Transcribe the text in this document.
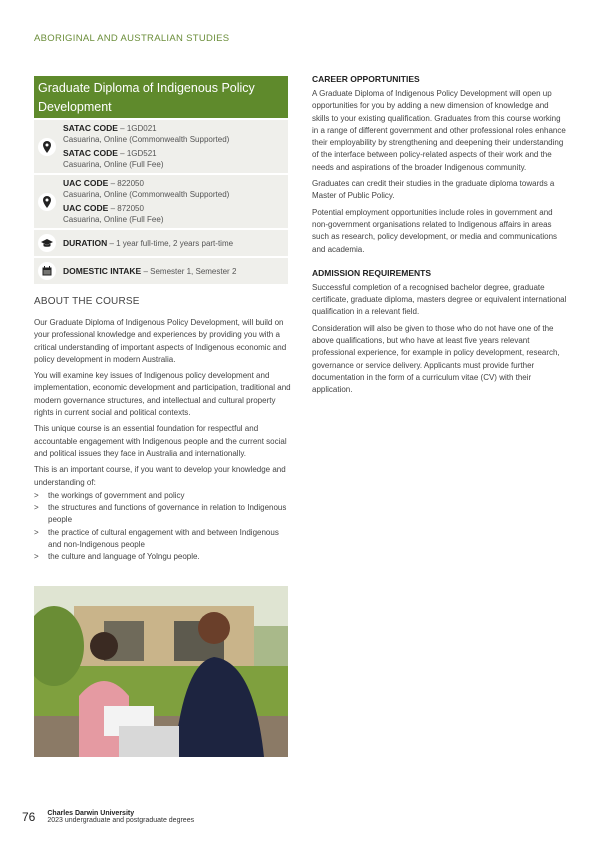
ABORIGINAL AND AUSTRALIAN STUDIES
Graduate Diploma of Indigenous Policy Development
SATAC CODE – 1GD021
Casuarina, Online (Commonwealth Supported)
SATAC CODE – 1GD521
Casuarina, Online (Full Fee)
UAC CODE – 822050
Casuarina, Online (Commonwealth Supported)
UAC CODE – 872050
Casuarina, Online (Full Fee)
DURATION – 1 year full-time, 2 years part-time
DOMESTIC INTAKE – Semester 1, Semester 2
ABOUT THE COURSE

Our Graduate Diploma of Indigenous Policy Development, will build on your professional knowledge and experiences by providing you with a critical understanding of important aspects of Indigenous economic and policy development in modern Australia.

You will examine key issues of Indigenous policy development and implementation, economic development and participation, traditional and modern governance structures, and intellectual and cultural property rights in current social and political contexts.

This unique course is an essential foundation for respectful and accountable engagement with Indigenous people and the current social and political issues they face in Australia and internationally.

This is an important course, if you want to develop your knowledge and understanding of:

> the workings of government and policy
> the structures and functions of governance in relation to Indigenous people
> the practice of cultural engagement with and between Indigenous and non-Indigenous people
> the culture and language of Yolngu people.
CAREER OPPORTUNITIES

A Graduate Diploma of Indigenous Policy Development will open up opportunities for you by adding a new dimension of knowledge and skills to your existing qualification. Graduates from this course working in a range of different government and other professional roles enhance their employability by strengthening and deepening their understanding of the interface between policy-related aspects of their work and the needs and aspirations of the broader Indigenous community.

Graduates can credit their studies in the graduate diploma towards a Master of Public Policy.

Potential employment opportunities include roles in government and non-government organisations related to Indigenous affairs in areas such as research, policy development, or media and communications and academia.

ADMISSION REQUIREMENTS

Successful completion of a recognised bachelor degree, graduate certificate, graduate diploma, masters degree or equivalent international qualification in a relevant field.

Consideration will also be given to those who do not have one of the above qualifications, but who have at least five years relevant professional experience, for example in policy development, research, governance or service delivery. Applicants must provide further documentation in the form of a curriculum vitae (CV) with their application.

76 Charles Darwin University
2023 undergraduate and postgraduate degrees
